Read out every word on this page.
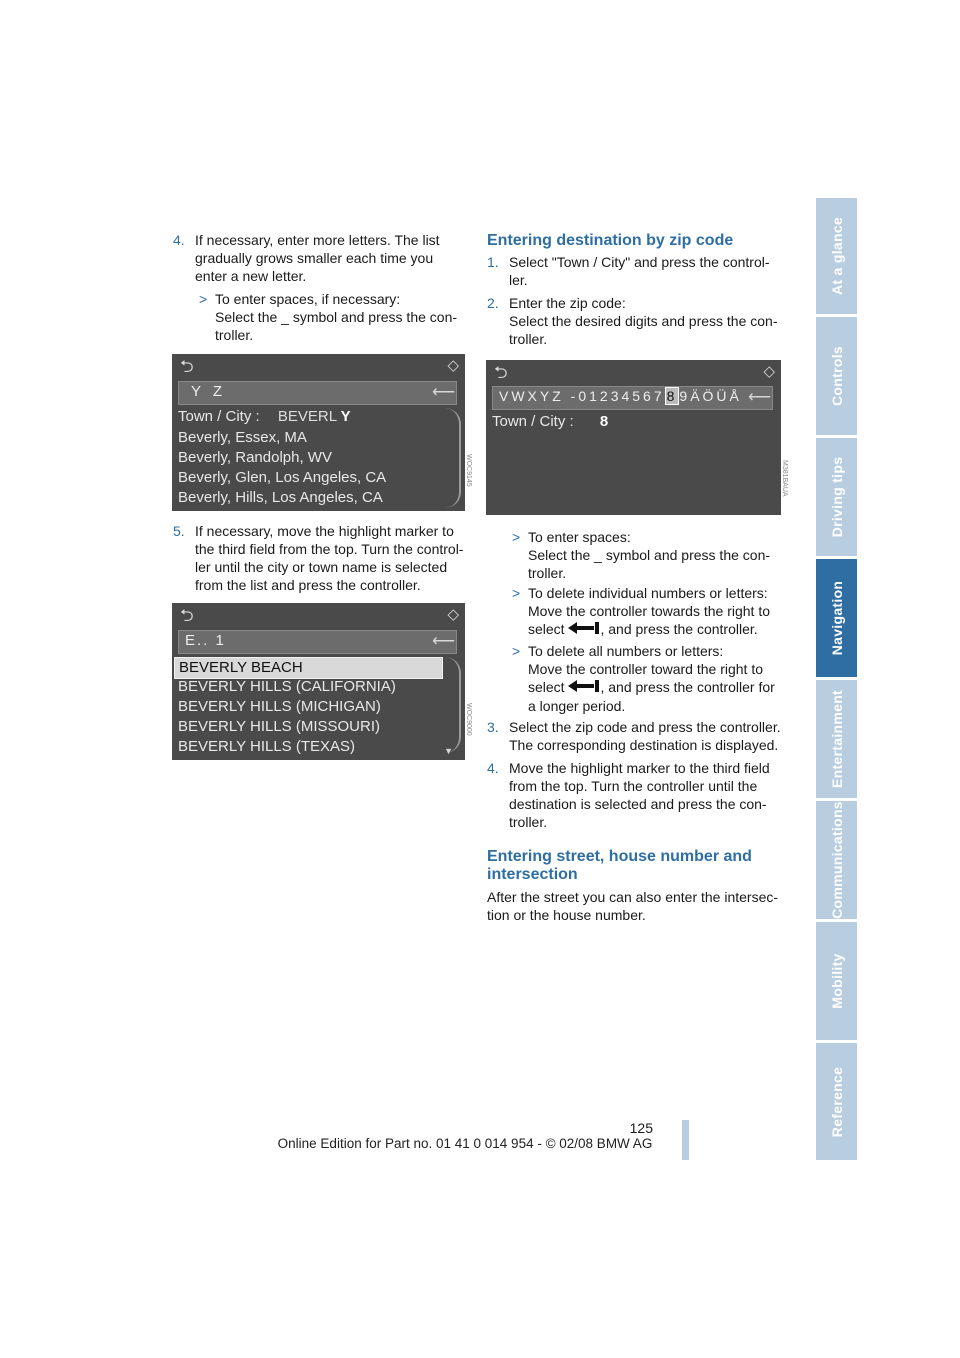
At a glance
Controls
Driving tips
Navigation
Entertainment
Communications
Mobility
Reference
4. If necessary, enter more letters. The list gradually grows smaller each time you enter a new letter.
> To enter spaces, if necessary:
Select the _ symbol and press the con-
troller.
⮌	◇
Y Z	⟵
Town / City : BEVERL Y
Beverly, Essex, MA
Beverly, Randolph, WV
Beverly, Glen, Los Angeles, CA
Beverly, Hills, Los Angeles, CA
WOC9145
5. If necessary, move the highlight marker to the third field from the top. Turn the control- ler until the city or town name is selected from the list and press the controller.
⮌	◇
E.. 1	⟵
BEVERLY BEACH
BEVERLY HILLS (CALIFORNIA)
BEVERLY HILLS (MICHIGAN)
BEVERLY HILLS (MISSOURI)
BEVERLY HILLS (TEXAS)	▼
WOC9000
Entering destination by zip code
1. Select "Town / City" and press the control- ler.
2. Enter the zip code:
Select the desired digits and press the con-
troller.
⮌	◇
VWXYZ -01234567 8 9ÄÖÜÅ ⟵
Town / City : 8
M381BAUA
> To enter spaces:
Select the _ symbol and press the con-
troller.
> To delete individual numbers or letters:
Move the controller towards the right to
select	, and press the controller.
> To delete all numbers or letters:
Move the controller toward the right to
select	, and press the controller for
a longer period.
3. Select the zip code and press the controller.
The corresponding destination is displayed.
4. Move the highlight marker to the third field
from the top. Turn the controller until the
destination is selected and press the con-
troller.
Entering street, house number and
intersection
After the street you can also enter the intersec- tion or the house number.
125
Online Edition for Part no. 01 41 0 014 954 - © 02/08 BMW AG
